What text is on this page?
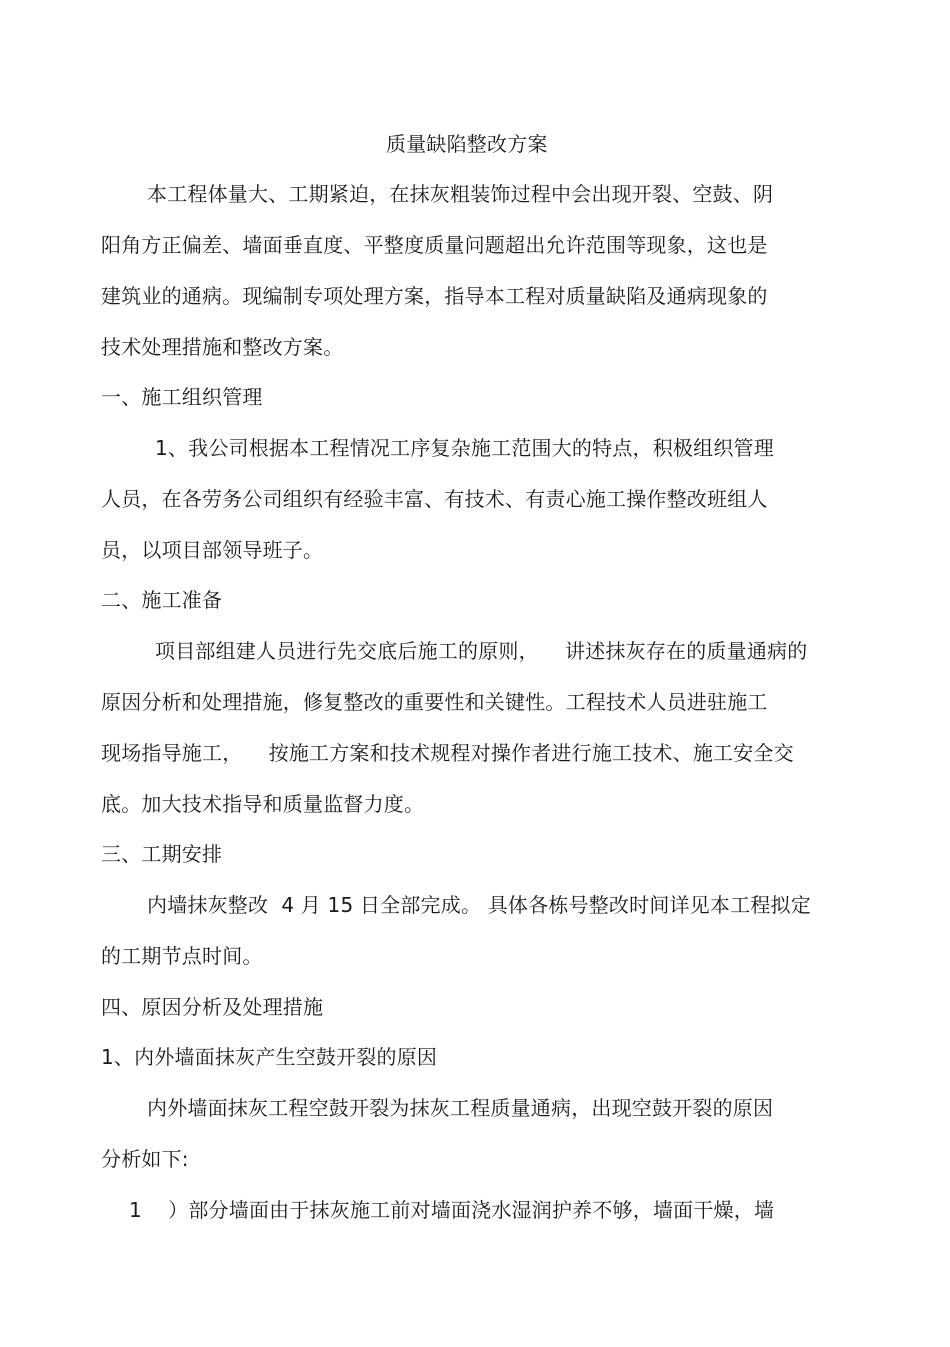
质量缺陷整改方案
本工程体量大、工期紧迫，在抹灰粗装饰过程中会出现开裂、空鼓、阴
阳角方正偏差、墙面垂直度、平整度质量问题超出允许范围等现象，这也是
建筑业的通病。现编制专项处理方案，指导本工程对质量缺陷及通病现象的
技术处理措施和整改方案。
一、施工组织管理
1、我公司根据本工程情况工序复杂施工范围大的特点，积极组织管理
人员，在各劳务公司组织有经验丰富、有技术、有责心施工操作整改班组人
员，以项目部领导班子。
二、施工准备
项目部组建人员进行先交底后施工的原则，    讲述抹灰存在的质量通病的
原因分析和处理措施，修复整改的重要性和关键性。工程技术人员进驻施工
现场指导施工，    按施工方案和技术规程对操作者进行施工技术、施工安全交
底。加大技术指导和质量监督力度。
三、工期安排
内墙抹灰整改  4 月 15 日全部完成。 具体各栋号整改时间详见本工程拟定
的工期节点时间。
四、原因分析及处理措施
1、内外墙面抹灰产生空鼓开裂的原因
内外墙面抹灰工程空鼓开裂为抹灰工程质量通病，出现空鼓开裂的原因
分析如下:
1    ）部分墙面由于抹灰施工前对墙面浇水湿润护养不够，墙面干燥，墙
